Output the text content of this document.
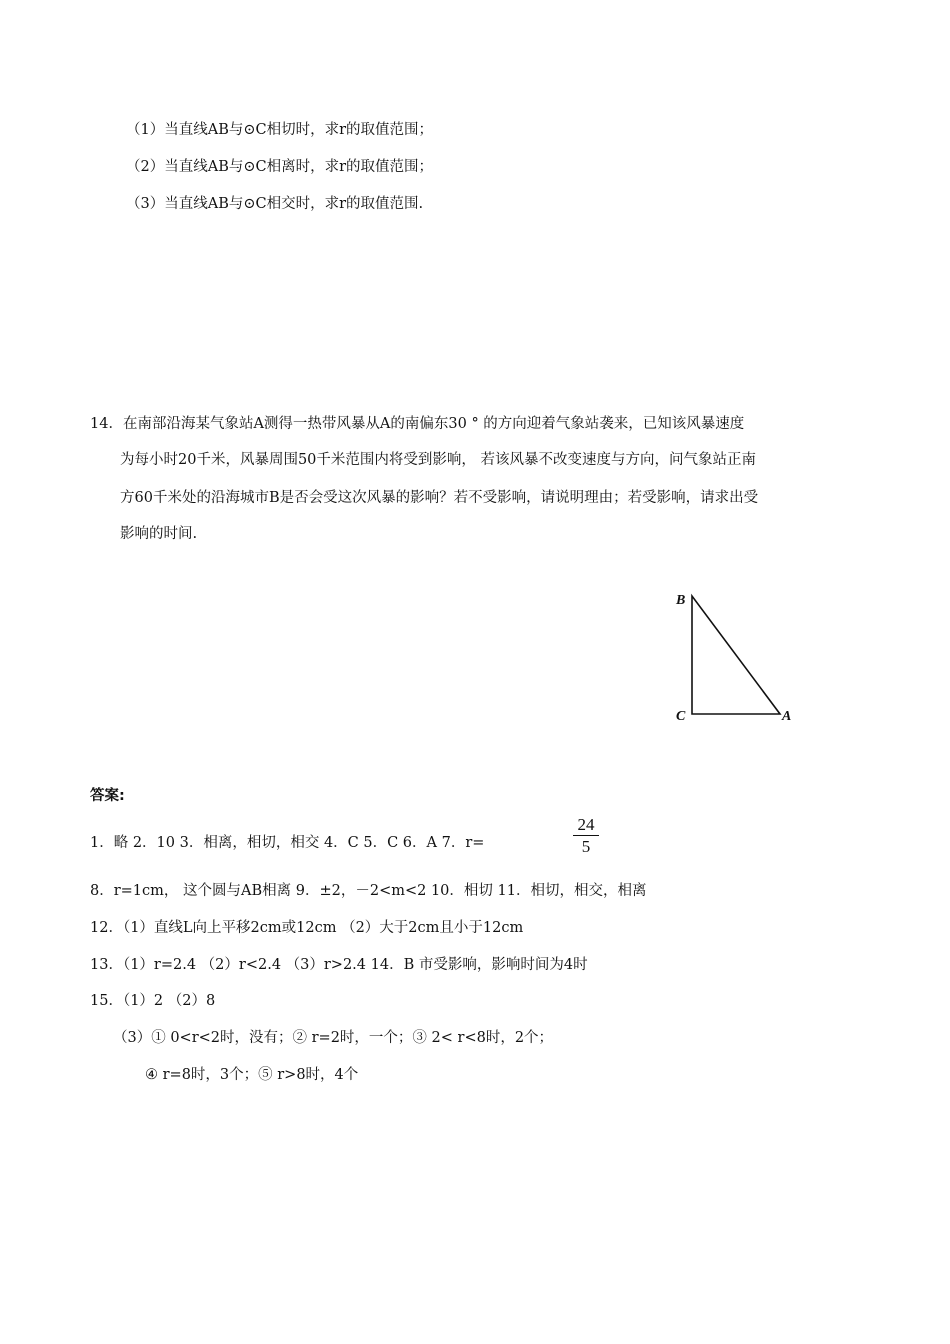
（1）当直线AB与⊙C相切时，求r的取值范围；
（2）当直线AB与⊙C相离时，求r的取值范围；
（3）当直线AB与⊙C相交时，求r的取值范围.
14．在南部沿海某气象站A测得一热带风暴从A的南偏东30 ° 的方向迎着气象站袭来，已知该风暴速度
为每小时20千米，风暴周围50千米范围内将受到影响， 若该风暴不改变速度与方向，问气象站正南
方60千米处的沿海城市B是否会受这次风暴的影响？若不受影响，请说明理由；若受影响，请求出受
影响的时间.
B
C	A
答案:
1．略 2．10 3．相离，相切，相交 4．C 5．C 6．A 7．r=
24
5
8．r=1cm， 这个圆与AB相离 9．±2，－2<m<2 10．相切 11．相切，相交，相离
12．（1）直线L向上平移2cm或12cm （2）大于2cm且小于12cm
13．（1）r=2.4 （2）r<2.4 （3）r>2.4 14．B 市受影响，影响时间为4时
15．（1）2 （2）8
（3）① 0<r<2时，没有；② r=2时，一个；③ 2< r<8时，2个；
④ r=8时，3个；⑤ r>8时，4个
